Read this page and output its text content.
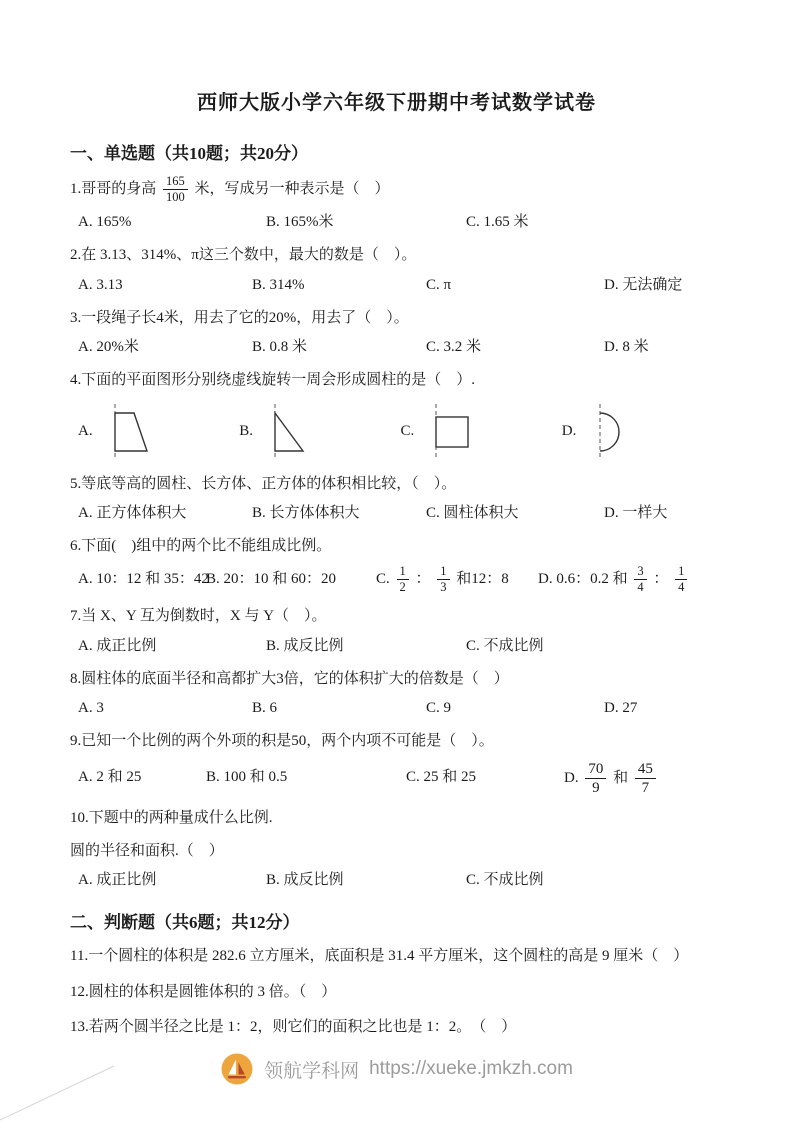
西师大版小学六年级下册期中考试数学试卷
一、单选题（共10题；共20分）
1.哥哥的身高 $\frac{165}{100}$ 米，写成另一种表示是（　）
A. 165%	B. 165%米	C. 1.65 米
2.在 3.13、314%、π这三个数中，最大的数是（　）。
A. 3.13	B. 314%	C. π	D. 无法确定
3.一段绳子长4米，用去了它的20%，用去了（　）。
A. 20%米	B. 0.8 米	C. 3.2 米	D. 8 米
4.下面的平面图形分别绕虚线旋转一周会形成圆柱的是（　）.
A.	B.	C.	D.
5.等底等高的圆柱、长方体、正方体的体积相比较，（　）。
A. 正方体体积大	B. 长方体体积大	C. 圆柱体积大	D. 一样大
6.下面(　)组中的两个比不能组成比例。
A. 10：12 和 35：42
B. 20：10 和 60：20	C. $\frac{1}{2}$ ： $\frac{1}{3}$ 和12：8	D. 0.6：0.2 和 $\frac{3}{4}$ ： $\frac{1}{4}$
7.当 X、Y 互为倒数时，X 与 Y（　）。
A. 成正比例	B. 成反比例	C. 不成比例
8.圆柱体的底面半径和高都扩大3倍，它的体积扩大的倍数是（　）
A. 3	B. 6	C. 9	D. 27
9.已知一个比例的两个外项的积是50，两个内项不可能是（　）。
A. 2 和 25	B. 100 和 0.5	C. 25 和 25	D. $\frac{70}{9}$ 和 $\frac{45}{7}$
10.下题中的两种量成什么比例.
圆的半径和面积.（　）
A. 成正比例	B. 成反比例	C. 不成比例
二、判断题（共6题；共12分）
11.一个圆柱的体积是 282.6 立方厘米，底面积是 31.4 平方厘米，这个圆柱的高是 9 厘米（　）
12.圆柱的体积是圆锥体积的 3 倍。（　）
13.若两个圆半径之比是 1：2，则它们的面积之比也是 1：2。　（　）
领航学科网 https://xueke.jmkzh.com
